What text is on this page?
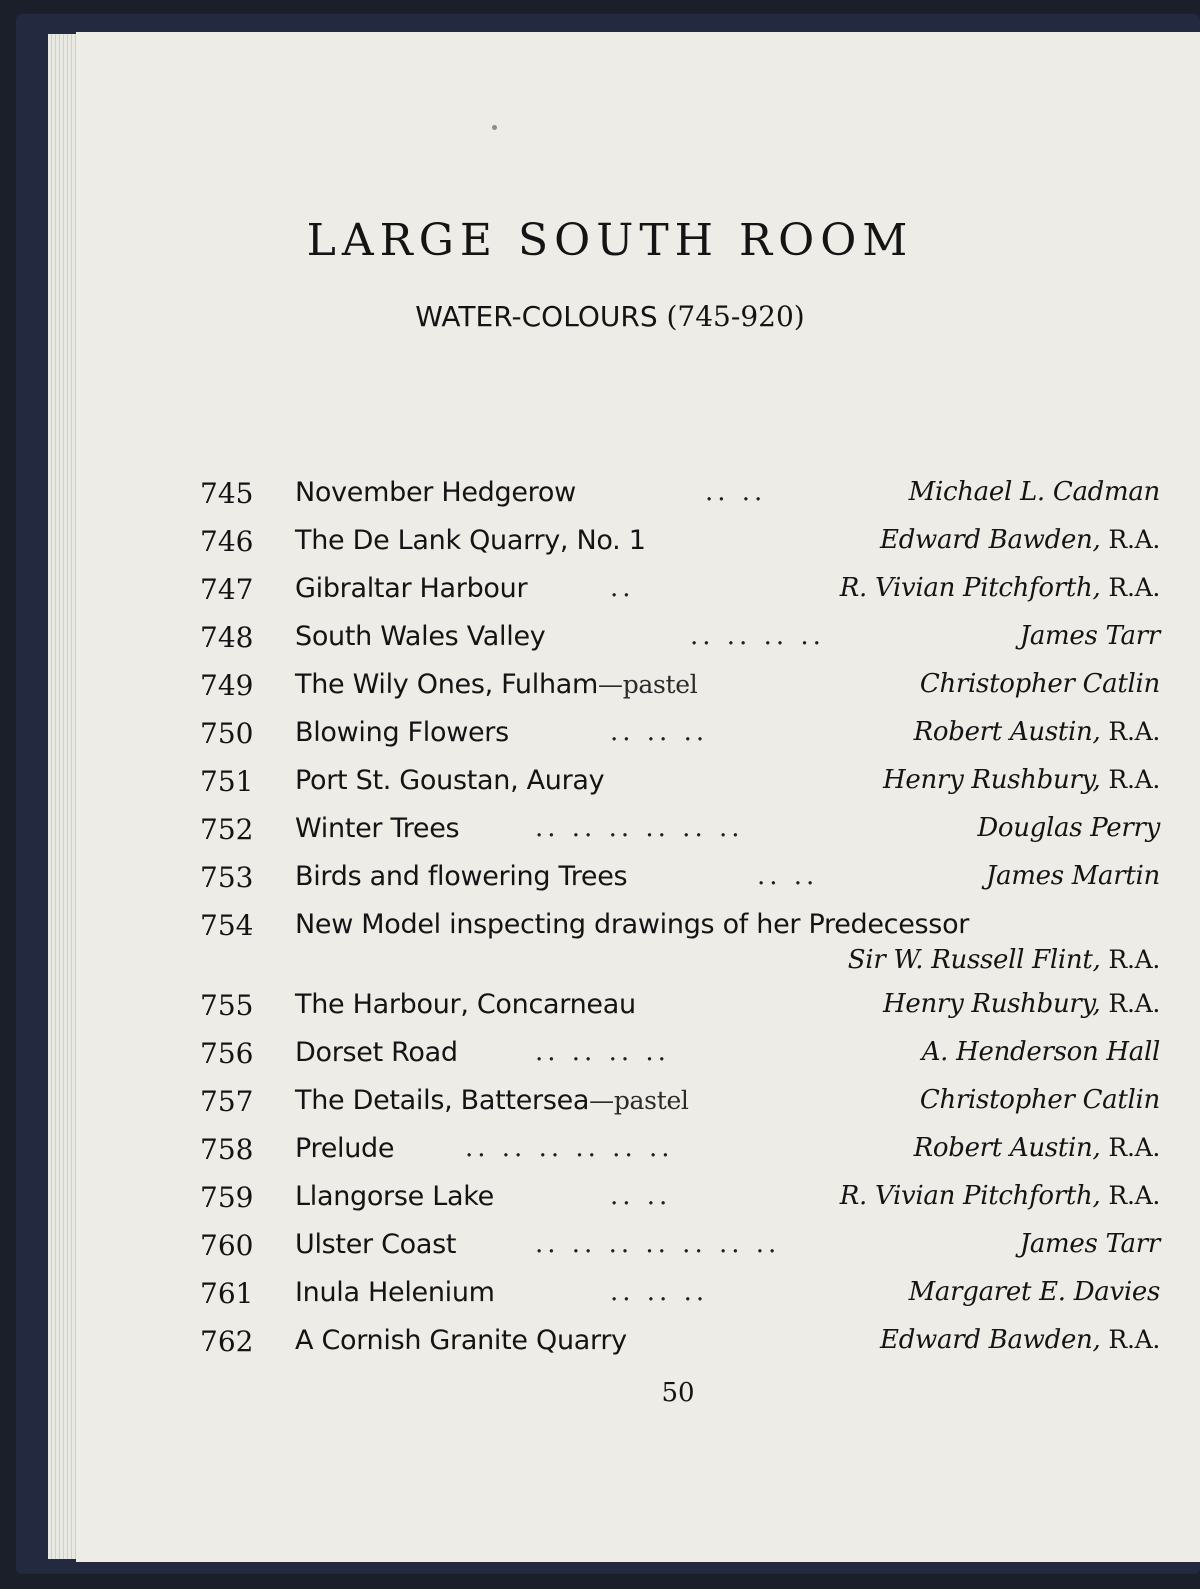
LARGE SOUTH ROOM
WATER-COLOURS (745-920)
745 November Hedgerow	.. ..	Michael L. Cadman
746 The De Lank Quarry, No. 1	Edward Bawden, R.A.
747 Gibraltar Harbour	..	R. Vivian Pitchforth, R.A.
748 South Wales Valley	.. .. .. ..	James Tarr
749 The Wily Ones, Fulham—pastel	Christopher Catlin
750 Blowing Flowers	.. .. ..	Robert Austin, R.A.
751 Port St. Goustan, Auray	Henry Rushbury, R.A.
752 Winter Trees	.. .. .. .. .. ..	Douglas Perry
753 Birds and flowering Trees	.. ..	James Martin
754 New Model inspecting drawings of her Predecessor
Sir W. Russell Flint, R.A.
755 The Harbour, Concarneau	Henry Rushbury, R.A.
756 Dorset Road	.. .. .. ..	A. Henderson Hall
757 The Details, Battersea—pastel	Christopher Catlin
758 Prelude	.. .. .. .. .. ..	Robert Austin, R.A.
759 Llangorse Lake	.. ..	R. Vivian Pitchforth, R.A.
760 Ulster Coast	.. .. .. .. .. .. ..	James Tarr
761 Inula Helenium	.. .. ..	Margaret E. Davies
762 A Cornish Granite Quarry	Edward Bawden, R.A.
50
